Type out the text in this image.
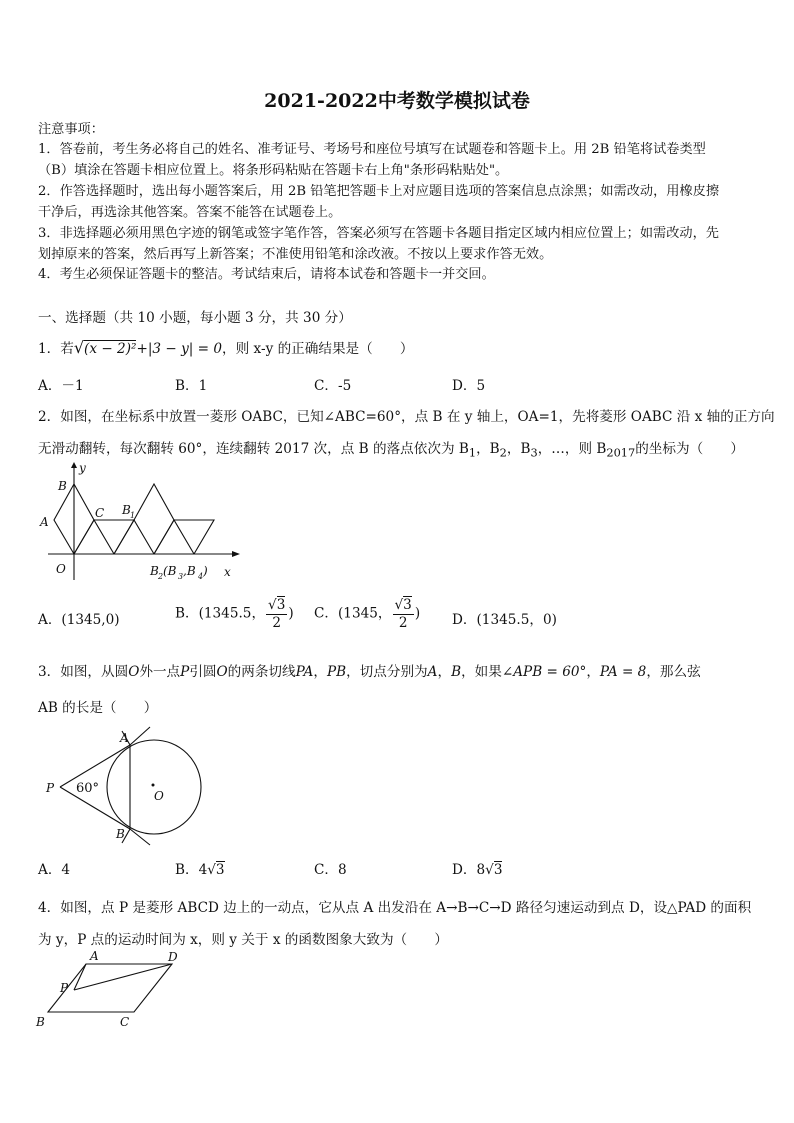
2021-2022中考数学模拟试卷
注意事项：
1．答卷前，考生务必将自己的姓名、准考证号、考场号和座位号填写在试题卷和答题卡上。用 2B 铅笔将试卷类型
（B）填涂在答题卡相应位置上。将条形码粘贴在答题卡右上角"条形码粘贴处"。
2．作答选择题时，选出每小题答案后，用 2B 铅笔把答题卡上对应题目选项的答案信息点涂黑；如需改动，用橡皮擦
干净后，再选涂其他答案。答案不能答在试题卷上。
3．非选择题必须用黑色字迹的钢笔或签字笔作答，答案必须写在答题卡各题目指定区域内相应位置上；如需改动，先
划掉原来的答案，然后再写上新答案；不准使用铅笔和涂改液。不按以上要求作答无效。
4．考生必须保证答题卡的整洁。考试结束后，请将本试卷和答题卡一并交回。
一、选择题（共 10 小题，每小题 3 分，共 30 分）
1．若√(x − 2)²+|3 − y| = 0，则 x-y 的正确结果是（　　）
A．－1	B．1	C．-5	D．5
2．如图，在坐标系中放置一菱形 OABC，已知∠ABC=60°，点 B 在 y 轴上，OA=1，先将菱形 OABC 沿 x 轴的正方向
无滑动翻转，每次翻转 60°，连续翻转 2017 次，点 B 的落点依次为 $B_1$，$B_2$，$B_3$，…，则 $B_{2017}$的坐标为（　　）
y
x
B
A
C B 1
O	B 2 (B 3 ,B 4 )
A．(1345,0)	B．(1345.5， $\frac{√3}{2}$ ) C．(1345， $\frac{√3}{2}$ ) D．(1345.5，0)
3．如图，从圆O外一点P引圆O的两条切线PA，PB，切点分别为A，B，如果∠APB = 60°，PA = 8，那么弦
AB 的长是（　　）
A
B
P
O
60°
A．4	B．4√3	C．8	D．8√3
4．如图，点 P 是菱形 ABCD 边上的一动点，它从点 A 出发沿在 A→B→C→D 路径匀速运动到点 D，设△PAD 的面积
为 y，P 点的运动时间为 x，则 y 关于 x 的函数图象大致为（　　）
A	D
P
B	C
